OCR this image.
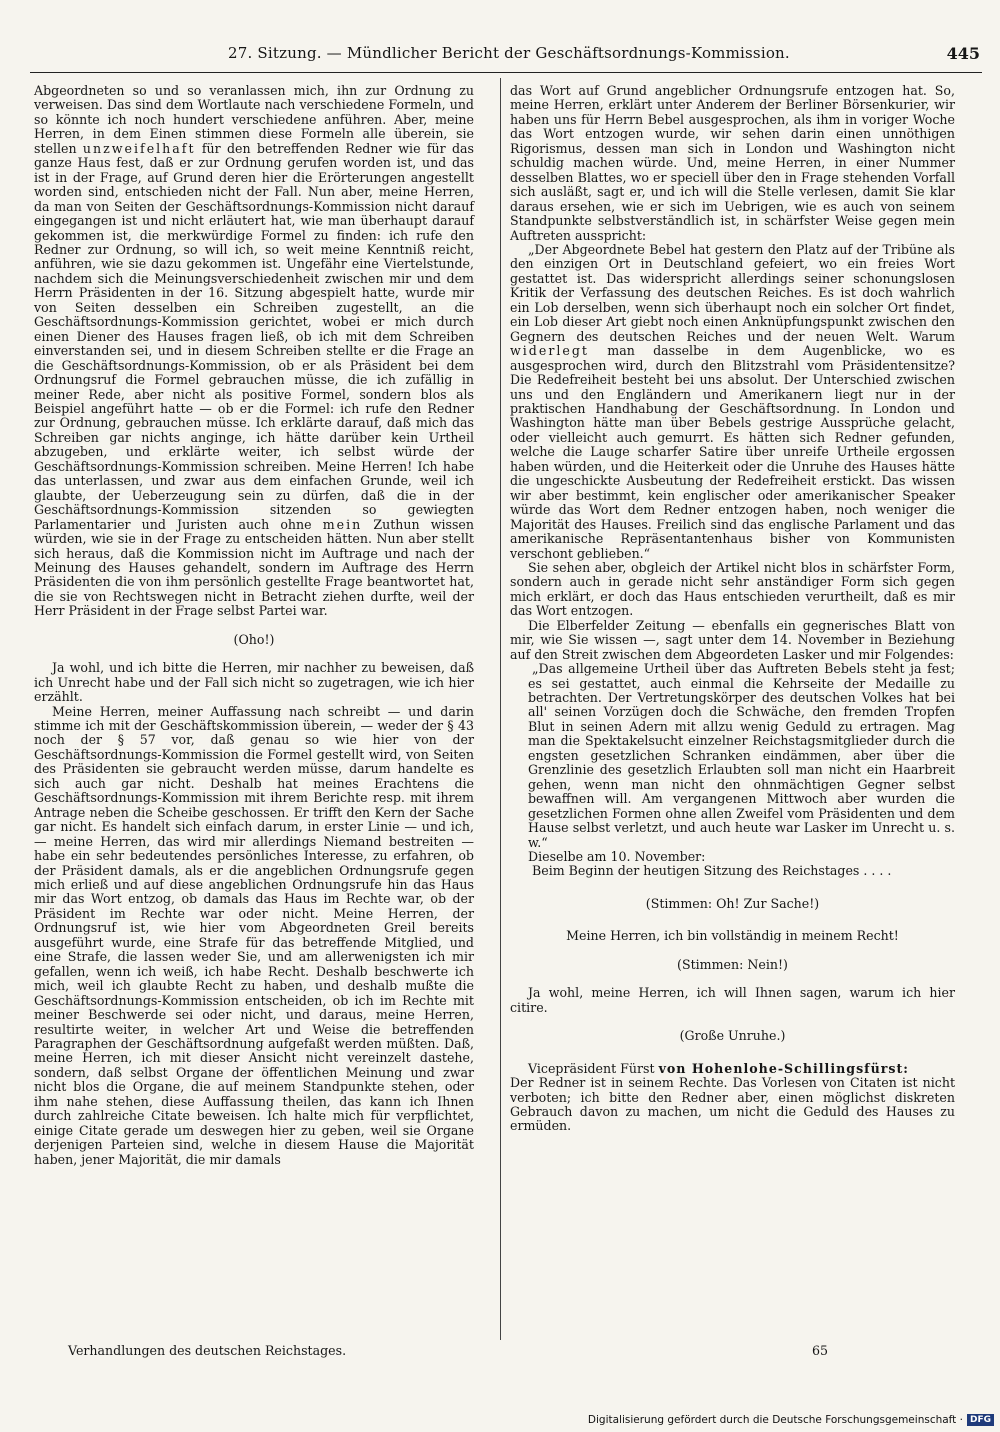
27. Sitzung. — Mündlicher Bericht der Geschäftsordnungs-Kommission.	445

Abgeordneten so und so veranlassen mich, ihn zur Ordnung zu verweisen. Das sind dem Wortlaute nach verschiedene Formeln, und so könnte ich noch hundert verschiedene anführen. Aber, meine Herren, in dem Einen stimmen diese Formeln alle überein, sie stellen unzweifelhaft für den betreffenden Redner wie für das ganze Haus fest, daß er zur Ordnung gerufen worden ist, und das ist in der Frage, auf Grund deren hier die Erörterungen angestellt worden sind, entschieden nicht der Fall. Nun aber, meine Herren, da man von Seiten der Geschäftsordnungs-Kommission nicht darauf eingegangen ist und nicht erläutert hat, wie man überhaupt darauf gekommen ist, die merkwürdige Formel zu finden: ich rufe den Redner zur Ordnung, so will ich, so weit meine Kenntniß reicht, anführen, wie sie dazu gekommen ist. Ungefähr eine Viertelstunde, nachdem sich die Meinungsverschiedenheit zwischen mir und dem Herrn Präsidenten in der 16. Sitzung abgespielt hatte, wurde mir von Seiten desselben ein Schreiben zugestellt, an die Geschäftsordnungs-Kommission gerichtet, wobei er mich durch einen Diener des Hauses fragen ließ, ob ich mit dem Schreiben einverstanden sei, und in diesem Schreiben stellte er die Frage an die Geschäftsordnungs-Kommission, ob er als Präsident bei dem Ordnungsruf die Formel gebrauchen müsse, die ich zufällig in meiner Rede, aber nicht als positive Formel, sondern blos als Beispiel angeführt hatte — ob er die Formel: ich rufe den Redner zur Ordnung, gebrauchen müsse. Ich erklärte darauf, daß mich das Schreiben gar nichts anginge, ich hätte darüber kein Urtheil abzugeben, und erklärte weiter, ich selbst würde der Geschäftsordnungs-Kommission schreiben. Meine Herren! Ich habe das unterlassen, und zwar aus dem einfachen Grunde, weil ich glaubte, der Ueberzeugung sein zu dürfen, daß die in der Geschäftsordnungs-Kommission sitzenden so gewiegten Parlamentarier und Juristen auch ohne mein Zuthun wissen würden, wie sie in der Frage zu entscheiden hätten. Nun aber stellt sich heraus, daß die Kommission nicht im Auftrage und nach der Meinung des Hauses gehandelt, sondern im Auftrage des Herrn Präsidenten die von ihm persönlich gestellte Frage beantwortet hat, die sie von Rechtswegen nicht in Betracht ziehen durfte, weil der Herr Präsident in der Frage selbst Partei war.

(Oho!)

Ja wohl, und ich bitte die Herren, mir nachher zu beweisen, daß ich Unrecht habe und der Fall sich nicht so zugetragen, wie ich hier erzählt.

Meine Herren, meiner Auffassung nach schreibt — und darin stimme ich mit der Geschäftskommission überein, — weder der § 43 noch der § 57 vor, daß genau so wie hier von der Geschäftsordnungs-Kommission die Formel gestellt wird, von Seiten des Präsidenten sie gebraucht werden müsse, darum handelte es sich auch gar nicht. Deshalb hat meines Erachtens die Geschäftsordnungs-Kommission mit ihrem Berichte resp. mit ihrem Antrage neben die Scheibe geschossen. Er trifft den Kern der Sache gar nicht. Es handelt sich einfach darum, in erster Linie — und ich, — meine Herren, das wird mir allerdings Niemand bestreiten — habe ein sehr bedeutendes persönliches Interesse, zu erfahren, ob der Präsident damals, als er die angeblichen Ordnungsrufe gegen mich erließ und auf diese angeblichen Ordnungsrufe hin das Haus mir das Wort entzog, ob damals das Haus im Rechte war, ob der Präsident im Rechte war oder nicht. Meine Herren, der Ordnungsruf ist, wie hier vom Abgeordneten Greil bereits ausgeführt wurde, eine Strafe für das betreffende Mitglied, und eine Strafe, die lassen weder Sie, und am allerwenigsten ich mir gefallen, wenn ich weiß, ich habe Recht. Deshalb beschwerte ich mich, weil ich glaubte Recht zu haben, und deshalb mußte die Geschäftsordnungs-Kommission entscheiden, ob ich im Rechte mit meiner Beschwerde sei oder nicht, und daraus, meine Herren, resultirte weiter, in welcher Art und Weise die betreffenden Paragraphen der Geschäftsordnung aufgefaßt werden müßten. Daß, meine Herren, ich mit dieser Ansicht nicht vereinzelt dastehe, sondern, daß selbst Organe der öffentlichen Meinung und zwar nicht blos die Organe, die auf meinem Standpunkte stehen, oder ihm nahe stehen, diese Auffassung theilen, das kann ich Ihnen durch zahlreiche Citate beweisen. Ich halte mich für verpflichtet, einige Citate gerade um deswegen hier zu geben, weil sie Organe derjenigen Parteien sind, welche in diesem Hause die Majorität haben, jener Majorität, die mir damals

das Wort auf Grund angeblicher Ordnungsrufe entzogen hat. So, meine Herren, erklärt unter Anderem der Berliner Börsenkurier, wir haben uns für Herrn Bebel ausgesprochen, als ihm in voriger Woche das Wort entzogen wurde, wir sehen darin einen unnöthigen Rigorismus, dessen man sich in London und Washington nicht schuldig machen würde. Und, meine Herren, in einer Nummer desselben Blattes, wo er speciell über den in Frage stehenden Vorfall sich ausläßt, sagt er, und ich will die Stelle verlesen, damit Sie klar daraus ersehen, wie er sich im Uebrigen, wie es auch von seinem Standpunkte selbstverständlich ist, in schärfster Weise gegen mein Auftreten ausspricht:

„Der Abgeordnete Bebel hat gestern den Platz auf der Tribüne als den einzigen Ort in Deutschland gefeiert, wo ein freies Wort gestattet ist. Das widerspricht allerdings seiner schonungslosen Kritik der Verfassung des deutschen Reiches. Es ist doch wahrlich ein Lob derselben, wenn sich überhaupt noch ein solcher Ort findet, ein Lob dieser Art giebt noch einen Anknüpfungspunkt zwischen den Gegnern des deutschen Reiches und der neuen Welt. Warum widerlegt man dasselbe in dem Augenblicke, wo es ausgesprochen wird, durch den Blitzstrahl vom Präsidentensitze? Die Redefreiheit besteht bei uns absolut. Der Unterschied zwischen uns und den Engländern und Amerikanern liegt nur in der praktischen Handhabung der Geschäftsordnung. In London und Washington hätte man über Bebels gestrige Aussprüche gelacht, oder vielleicht auch gemurrt. Es hätten sich Redner gefunden, welche die Lauge scharfer Satire über unreife Urtheile ergossen haben würden, und die Heiterkeit oder die Unruhe des Hauses hätte die ungeschickte Ausbeutung der Redefreiheit erstickt. Das wissen wir aber bestimmt, kein englischer oder amerikanischer Speaker würde das Wort dem Redner entzogen haben, noch weniger die Majorität des Hauses. Freilich sind das englische Parlament und das amerikanische Repräsentantenhaus bisher von Kommunisten verschont geblieben.“

Sie sehen aber, obgleich der Artikel nicht blos in schärfster Form, sondern auch in gerade nicht sehr anständiger Form sich gegen mich erklärt, er doch das Haus entschieden verurtheilt, daß es mir das Wort entzogen.

Die Elberfelder Zeitung — ebenfalls ein gegnerisches Blatt von mir, wie Sie wissen —, sagt unter dem 14. November in Beziehung auf den Streit zwischen dem Abgeordeten Lasker und mir Folgendes:

„Das allgemeine Urtheil über das Auftreten Bebels steht ja fest; es sei gestattet, auch einmal die Kehrseite der Medaille zu betrachten. Der Vertretungskörper des deutschen Volkes hat bei all' seinen Vorzügen doch die Schwäche, den fremden Tropfen Blut in seinen Adern mit allzu wenig Geduld zu ertragen. Mag man die Spektakelsucht einzelner Reichstagsmitglieder durch die engsten gesetzlichen Schranken eindämmen, aber über die Grenzlinie des gesetzlich Erlaubten soll man nicht ein Haarbreit gehen, wenn man nicht den ohnmächtigen Gegner selbst bewaffnen will. Am vergangenen Mittwoch aber wurden die gesetzlichen Formen ohne allen Zweifel vom Präsidenten und dem Hause selbst verletzt, und auch heute war Lasker im Unrecht u. s. w.“

Dieselbe am 10. November:

Beim Beginn der heutigen Sitzung des Reichstages . . . .

(Stimmen: Oh! Zur Sache!)
Meine Herren, ich bin vollständig in meinem Recht!
(Stimmen: Nein!)

Ja wohl, meine Herren, ich will Ihnen sagen, warum ich hier citire.

(Große Unruhe.)

Vicepräsident Fürst von Hohenlohe-Schillingsfürst:

Der Redner ist in seinem Rechte. Das Vorlesen von Citaten ist nicht verboten; ich bitte den Redner aber, einen möglichst diskreten Gebrauch davon zu machen, um nicht die Geduld des Hauses zu ermüden.

Verhandlungen des deutschen Reichstages.	65
Digitalisierung gefördert durch die Deutsche Forschungsgemeinschaft · DFG
